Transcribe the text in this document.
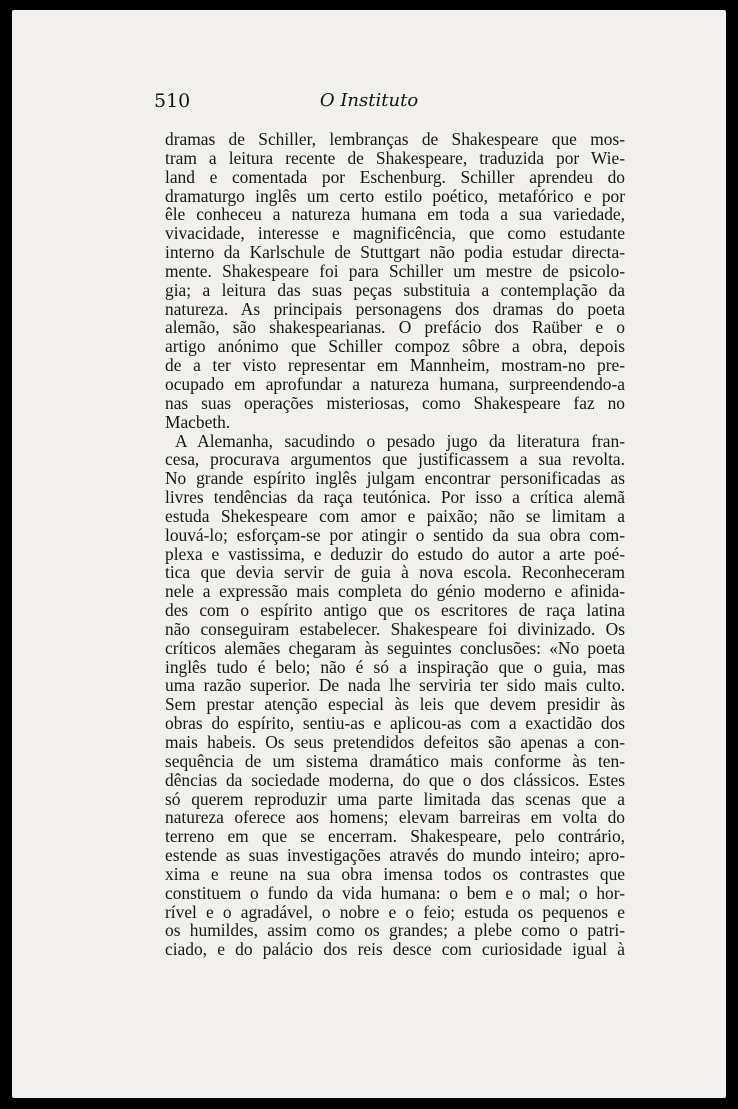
510	O Instituto
dramas de Schiller, lembranças de Shakespeare que mos-
tram a leitura recente de Shakespeare, traduzida por Wie-
land e comentada por Eschenburg. Schiller aprendeu do
dramaturgo inglês um certo estilo poético, metafórico e por
êle conheceu a natureza humana em toda a sua variedade,
vivacidade, interesse e magnificência, que como estudante
interno da Karlschule de Stuttgart não podia estudar directa-
mente. Shakespeare foi para Schiller um mestre de psicolo-
gia; a leitura das suas peças substituia a contemplação da
natureza. As principais personagens dos dramas do poeta
alemão, são shakespearianas. O prefácio dos Raüber e o
artigo anónimo que Schiller compoz sôbre a obra, depois
de a ter visto representar em Mannheim, mostram-no pre-
ocupado em aprofundar a natureza humana, surpreendendo-a
nas suas operações misteriosas, como Shakespeare faz no
Macbeth.
A Alemanha, sacudindo o pesado jugo da literatura fran-
cesa, procurava argumentos que justificassem a sua revolta.
No grande espírito inglês julgam encontrar personificadas as
livres tendências da raça teutónica. Por isso a crítica alemã
estuda Shekespeare com amor e paixão; não se limitam a
louvá-lo; esforçam-se por atingir o sentido da sua obra com-
plexa e vastissima, e deduzir do estudo do autor a arte poé-
tica que devia servir de guia à nova escola. Reconheceram
nele a expressão mais completa do génio moderno e afinida-
des com o espírito antigo que os escritores de raça latina
não conseguiram estabelecer. Shakespeare foi divinizado. Os
críticos alemães chegaram às seguintes conclusões: «No poeta
inglês tudo é belo; não é só a inspiração que o guia, mas
uma razão superior. De nada lhe serviria ter sido mais culto.
Sem prestar atenção especial às leis que devem presidir às
obras do espírito, sentiu-as e aplicou-as com a exactidão dos
mais habeis. Os seus pretendidos defeitos são apenas a con-
sequência de um sistema dramático mais conforme às ten-
dências da sociedade moderna, do que o dos clássicos. Estes
só querem reproduzir uma parte limitada das scenas que a
natureza oferece aos homens; elevam barreiras em volta do
terreno em que se encerram. Shakespeare, pelo contrário,
estende as suas investigações através do mundo inteiro; apro-
xima e reune na sua obra imensa todos os contrastes que
constituem o fundo da vida humana: o bem e o mal; o hor-
rível e o agradável, o nobre e o feio; estuda os pequenos e
os humildes, assim como os grandes; a plebe como o patri-
ciado, e do palácio dos reis desce com curiosidade igual à
